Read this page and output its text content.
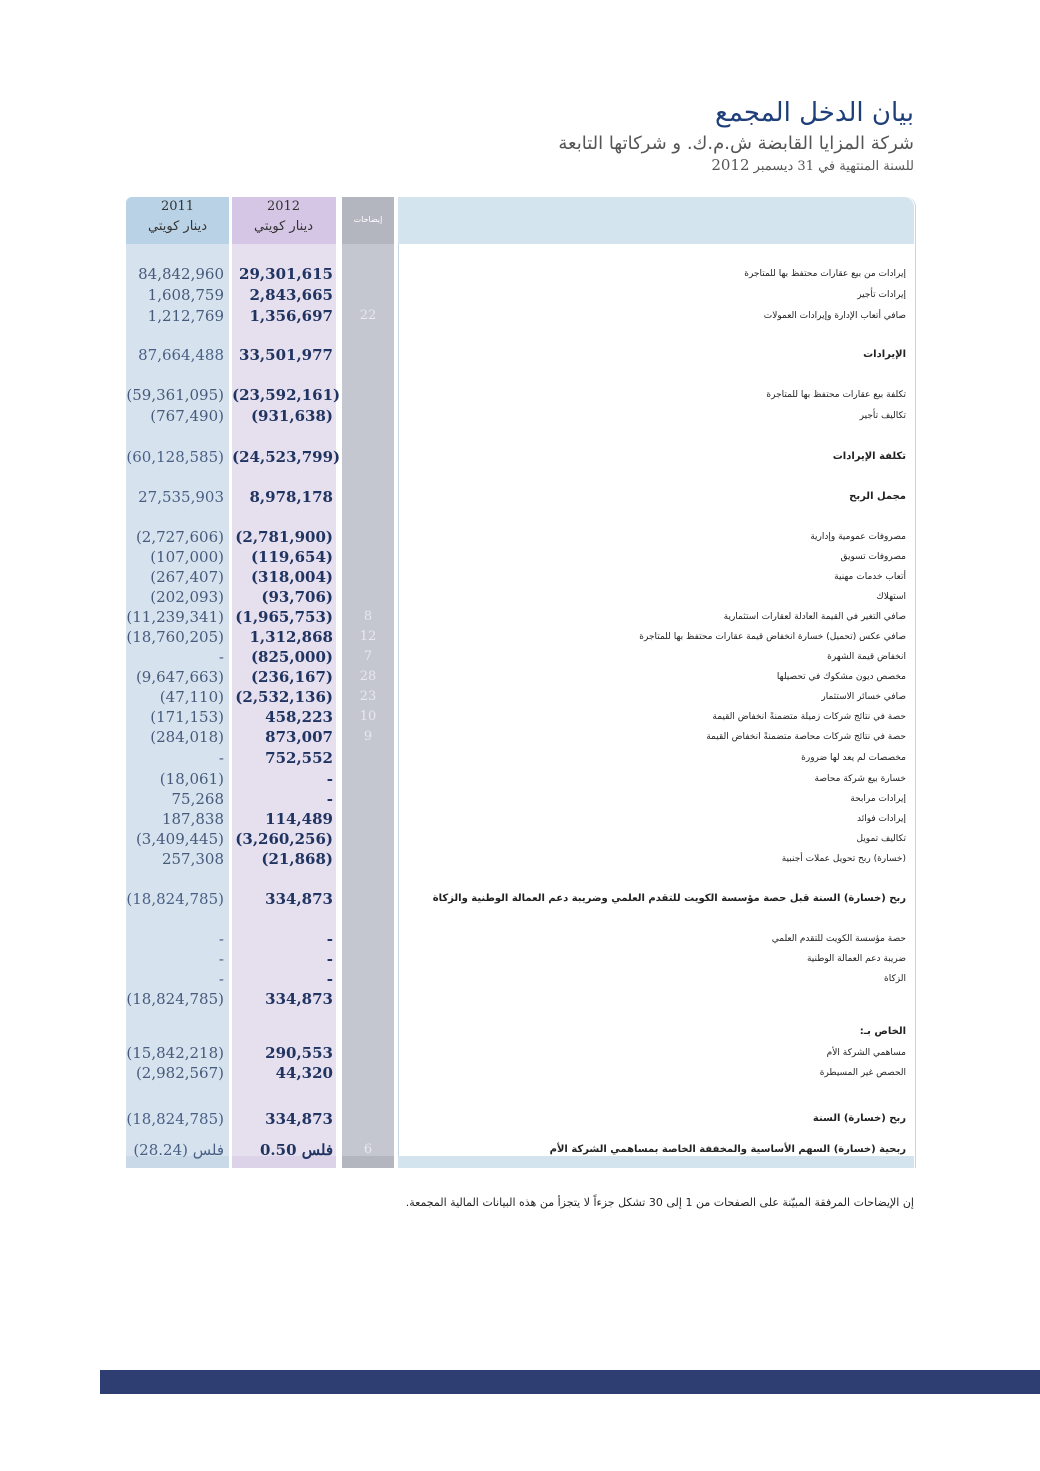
بيان الدخل المجمع
شركة المزايا القابضة ش.م.ك. و شركاتها التابعة
للسنة المنتهية في 31 ديسمبر 2012
2011	2012
دينار كويتي	دينار كويتي	إيضاحات
84,842,960	29,301,615	إيرادات من بيع عقارات محتفظ بها للمتاجرة
1,608,759	2,843,665	إيرادات تأجير
1,212,769	1,356,697	22	صافي أتعاب الإدارة وإيرادات العمولات
87,664,488	33,501,977	الإيرادات
(59,361,095) (23,592,161)	تكلفة بيع عقارات محتفظ بها للمتاجرة
(767,490)	(931,638)	تكاليف تأجير
(60,128,585) (24,523,799)	تكلفة الإيرادات
27,535,903	8,978,178	مجمل الربح
(2,727,606) (2,781,900)	مصروفات عمومية وإدارية
(107,000)	(119,654)	مصروفات تسويق
(267,407)	(318,004)	أتعاب خدمات مهنية
(202,093)	(93,706)	استهلاك
(11,239,341) (1,965,753)	8	صافي التغير في القيمة العادلة لعقارات استثمارية
(18,760,205)	1,312,868	12	صافي عكس (تحميل) خسارة انخفاض قيمة عقارات محتفظ بها للمتاجرة
-	(825,000)	7	انخفاض قيمة الشهرة
(9,647,663)	(236,167)	28	مخصص ديون مشكوك في تحصيلها
(47,110) (2,532,136)	23	صافي خسائر الاستثمار
(171,153)	458,223	10	حصة في نتائج شركات زميلة متضمنةً انخفاض القيمة
(284,018)	873,007	9	حصة في نتائج شركات محاصة متضمنةً انخفاض القيمة
-	752,552	مخصصات لم يعد لها ضرورة
(18,061)	-	خسارة بيع شركة محاصة
75,268	-	إيرادات مرابحة
187,838	114,489	إيرادات فوائد
(3,409,445) (3,260,256)	تكاليف تمويل
257,308	(21,868)	(خسارة) ربح تحويل عملات أجنبية
(18,824,785)	334,873	ربح (خسارة) السنة قبل حصة مؤسسة الكويت للتقدم العلمي وضريبة دعم العمالة الوطنية والزكاة
-	-	حصة مؤسسة الكويت للتقدم العلمي
-	-	ضريبة دعم العمالة الوطنية
-	-	الزكاة
(18,824,785)	334,873
الخاص بـ:
(15,842,218)	290,553	مساهمي الشركة الأم
(2,982,567)	44,320	الحصص غير المسيطرة
(18,824,785)	334,873	ربح (خسارة) السنة
(28.24) فلس	0.50 فلس	6	ربحية (خسارة) السهم الأساسية والمخففة الخاصة بمساهمي الشركة الأم
إن الإيضاحات المرفقة المبيّنة على الصفحات من 1 إلى 30 تشكل جزءاً لا يتجزأ من هذه البيانات المالية المجمعة.
